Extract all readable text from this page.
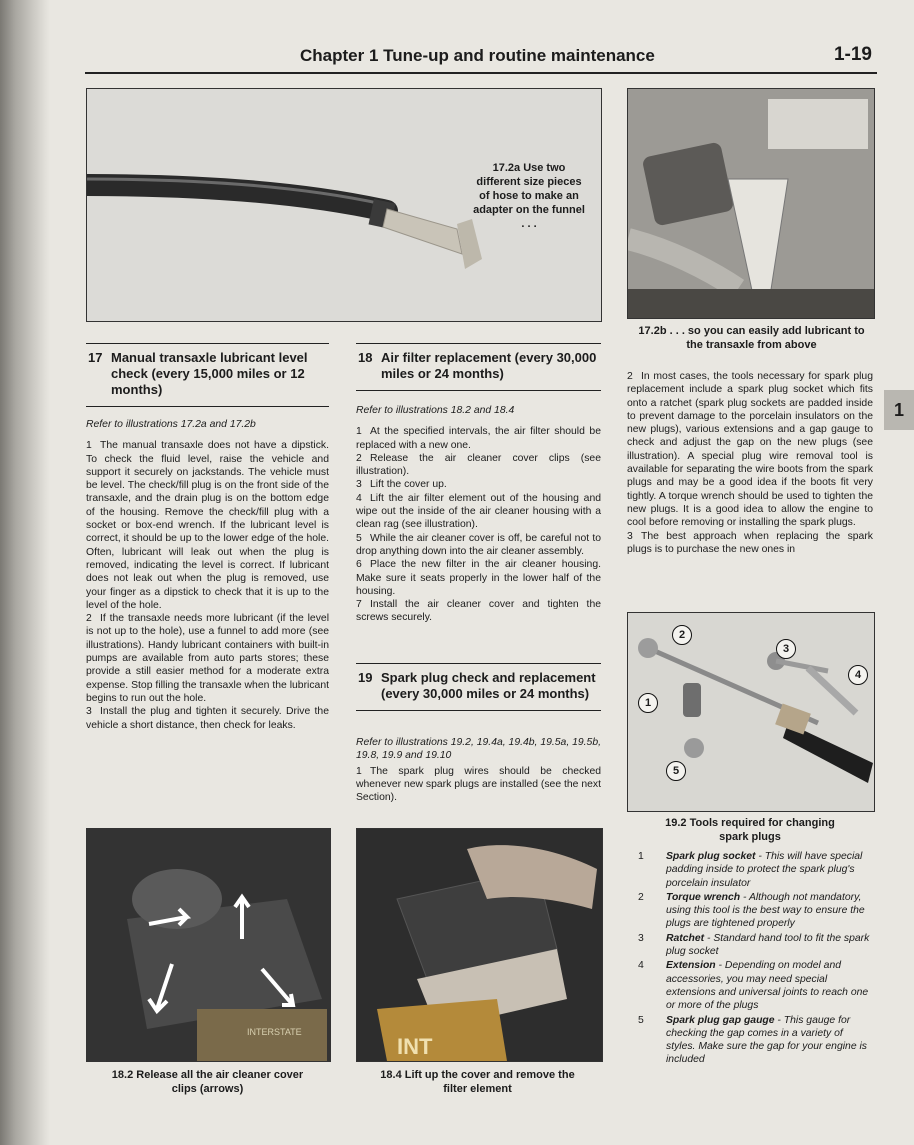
Chapter 1 Tune-up and routine maintenance	1-19
1
17.2a Use two different size pieces of hose to make an adapter on the funnel . . .
17.2b . . . so you can easily add lubricant to the transaxle from above
17 Manual transaxle lubricant level check (every 15,000 miles or 12 months)

Refer to illustrations 17.2a and 17.2b

1 The manual transaxle does not have a dipstick. To check the fluid level, raise the vehicle and support it securely on jackstands. The vehicle must be level. The check/fill plug is on the front side of the transaxle, and the drain plug is on the bottom edge of the housing. Remove the check/fill plug with a socket or box-end wrench. If the lubricant level is correct, it should be up to the lower edge of the hole. Often, lubricant will leak out when the plug is removed, indicating the level is correct. If lubricant does not leak out when the plug is removed, use your finger as a dipstick to check that it is up to the level of the hole.

2 If the transaxle needs more lubricant (if the level is not up to the hole), use a funnel to add more (see illustrations). Handy lubricant containers with built-in pumps are available from auto parts stores; these provide a still easier method for a moderate extra expense. Stop filling the transaxle when the lubricant begins to run out the hole.

3 Install the plug and tighten it securely. Drive the vehicle a short distance, then check for leaks.

18 Air filter replacement (every 30,000 miles or 24 months)

Refer to illustrations 18.2 and 18.4

1 At the specified intervals, the air filter should be replaced with a new one.

2 Release the air cleaner cover clips (see illustration).

3 Lift the cover up.

4 Lift the air filter element out of the housing and wipe out the inside of the air cleaner housing with a clean rag (see illustration).

5 While the air cleaner cover is off, be careful not to drop anything down into the air cleaner assembly.

6 Place the new filter in the air cleaner housing. Make sure it seats properly in the lower half of the housing.

7 Install the air cleaner cover and tighten the screws securely.

19 Spark plug check and replacement (every 30,000 miles or 24 months)

Refer to illustrations 19.2, 19.4a, 19.4b, 19.5a, 19.5b, 19.8, 19.9 and 19.10

1 The spark plug wires should be checked whenever new spark plugs are installed (see the next Section).

2 In most cases, the tools necessary for spark plug replacement include a spark plug socket which fits onto a ratchet (spark plug sockets are padded inside to prevent damage to the porcelain insulators on the new plugs), various extensions and a gap gauge to check and adjust the gap on the new plugs (see illustration). A special plug wire removal tool is available for separating the wire boots from the spark plugs and may be a good idea if the boots fit very tightly. A torque wrench should be used to tighten the new plugs. It is a good idea to allow the engine to cool before removing or installing the spark plugs.

3 The best approach when replacing the spark plugs is to purchase the new ones in

2
3
4
1
5
19.2 Tools required for changing spark plugs
1 Spark plug socket - This will have special padding inside to protect the spark plug's porcelain insulator
2 Torque wrench - Although not mandatory, using this tool is the best way to ensure the plugs are tightened properly
3 Ratchet - Standard hand tool to fit the spark plug socket
4 Extension - Depending on model and accessories, you may need special extensions and universal joints to reach one or more of the plugs
5 Spark plug gap gauge - This gauge for checking the gap comes in a variety of styles. Make sure the gap for your engine is included
INTERSTATE
18.2 Release all the air cleaner cover clips (arrows)
INT
18.4 Lift up the cover and remove the filter element
